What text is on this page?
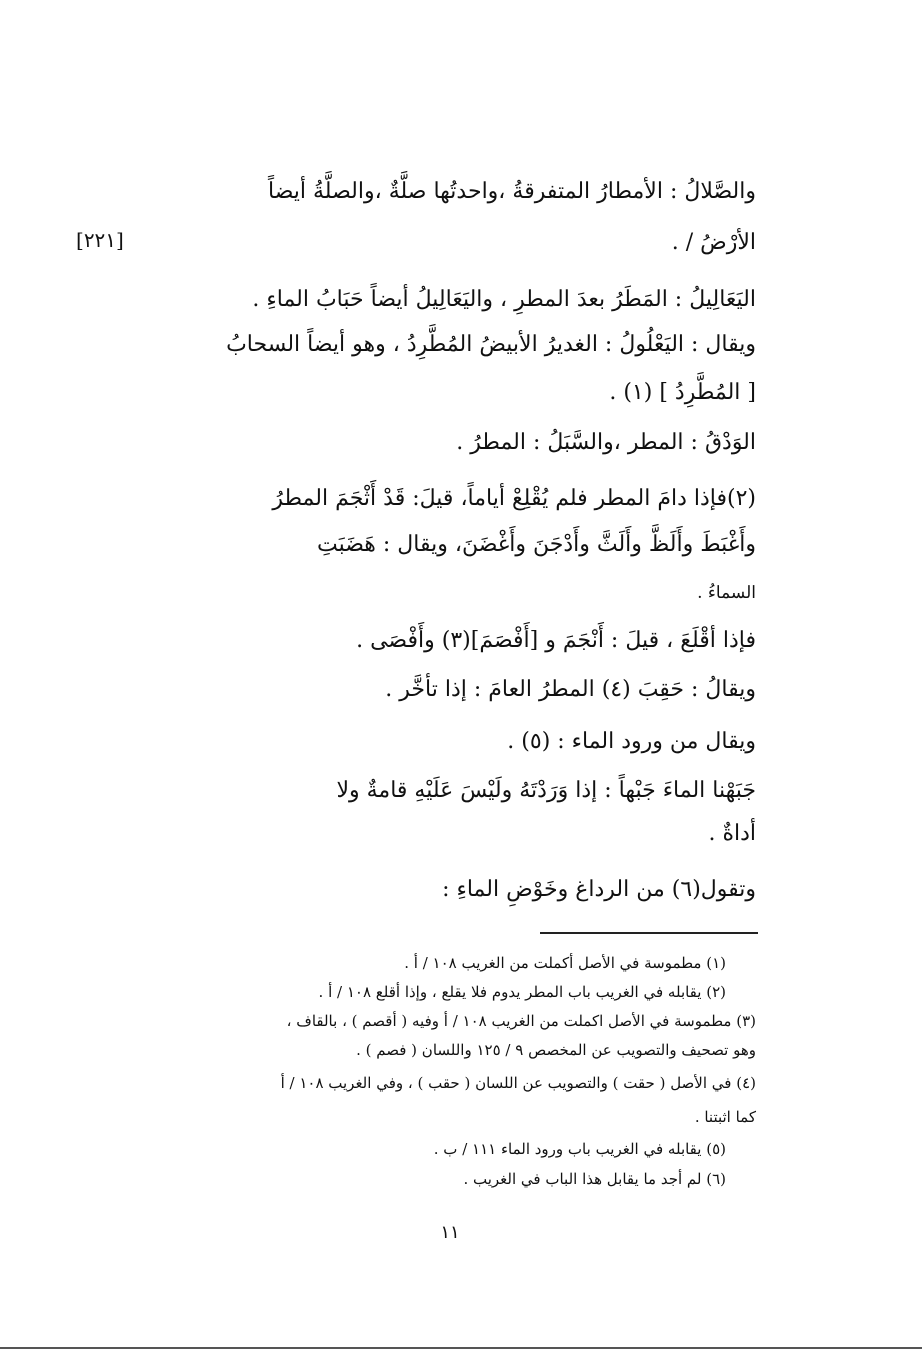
[٢٢١]
والصَّلالُ : الأمطارُ المتفرقةُ ،واحدتُها صلَّةٌ ،والصلَّةُ أيضاً
الأرْضُ / .
اليَعَالِيلُ : المَطَرُ بعدَ المطرِ ، واليَعَالِيلُ أيضاً حَبَابُ الماءِ .
ويقال : اليَعْلُولُ : الغديرُ الأبيضُ المُطَّرِدُ ، وهو أيضاً السحابُ
[ المُطَّرِدُ ] (١) .
الوَدْقُ : المطر ،والسَّبَلُ : المطرُ .
(٢)فإذا دامَ المطر فلم يُقْلِعْ أياماً، قيلَ: قَدْ أَثْجَمَ المطرُ
وأَغْبَطَ وأَلَظَّ وأَلَثَّ وأَدْجَنَ وأَغْضَنَ، ويقال : هَضَبَتِ
السماءُ .
فإذا أقْلَعَ ، قيلَ : أَنْجَمَ و [أَفْصَمَ](٣) وأَفْصَى .
ويقالُ : حَقِبَ (٤) المطرُ العامَ : إذا تأخَّر .
ويقال من ورود الماء : (٥) .
جَبَهْنا الماءَ جَبْهاً : إذا وَرَدْتَهُ ولَيْسَ عَلَيْهِ قامةٌ ولا
أداةٌ .
وتقول(٦) من الرداغ وخَوْضِ الماءِ :
(١) مطموسة في الأصل أكملت من الغريب ١٠٨ / أ .
(٢) يقابله في الغريب باب المطر يدوم فلا يقلع ، وإذا أقلع ١٠٨ / أ .
(٣) مطموسة في الأصل اكملت من الغريب ١٠٨ / أ وفيه ( أقصم ) ، بالقاف ،
وهو تصحيف والتصويب عن المخصص ٩ / ١٢٥ واللسان ( فصم ) .
(٤) في الأصل ( حقت ) والتصويب عن اللسان ( حقب ) ، وفي الغريب ١٠٨ / أ
كما اثبتنا .
(٥) يقابله في الغريب باب ورود الماء ١١١ / ب .
(٦) لم أجد ما يقابل هذا الباب في الغريب .
١١
